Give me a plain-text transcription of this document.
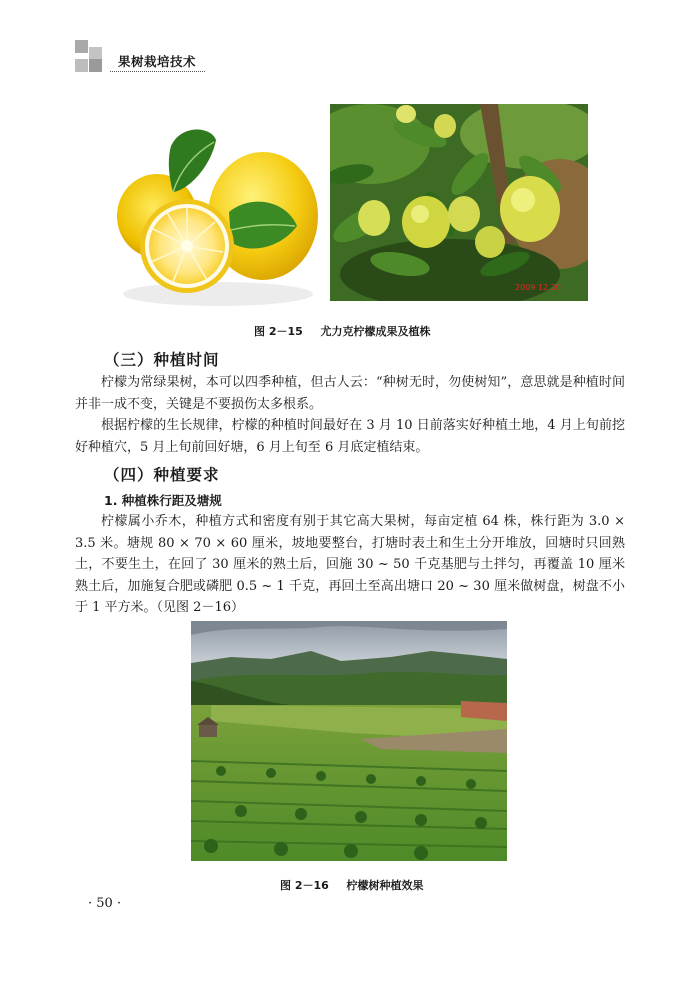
果树栽培技术
2009 12 20
图 2－15 尤力克柠檬成果及植株
（三）种植时间

柠檬为常绿果树，本可以四季种植，但古人云：“种树无时，勿使树知”，意思就是种植时间并非一成不变，关键是不要损伤太多根系。

根据柠檬的生长规律，柠檬的种植时间最好在 3 月 10 日前落实好种植土地，4 月上旬前挖好种植穴，5 月上旬前回好塘，6 月上旬至 6 月底定植结束。

（四）种植要求
1. 种植株行距及塘规

柠檬属小乔木，种植方式和密度有别于其它高大果树，每亩定植 64 株，株行距为 3.0 × 3.5 米。塘规 80 × 70 × 60 厘米，坡地要整台，打塘时表土和生土分开堆放，回塘时只回熟土，不要生土，在回了 30 厘米的熟土后，回施 30 ~ 50 千克基肥与土拌匀，再覆盖 10 厘米熟土后，加施复合肥或磷肥 0.5 ~ 1 千克，再回土至高出塘口 20 ~ 30 厘米做树盘，树盘不小于 1 平方米。（见图 2－16）

图 2－16 柠檬树种植效果
· 50 ·
